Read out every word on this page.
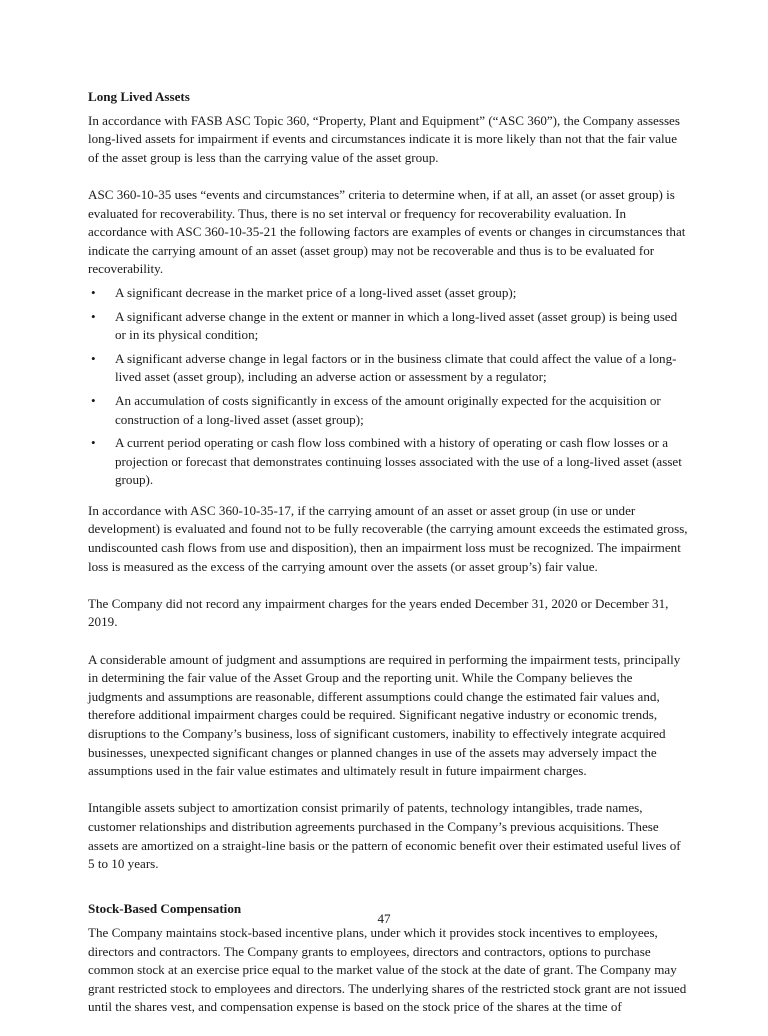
Long Lived Assets

In accordance with FASB ASC Topic 360, “Property, Plant and Equipment” (“ASC 360”), the Company assesses long-lived assets for impairment if events and circumstances indicate it is more likely than not that the fair value of the asset group is less than the carrying value of the asset group.

ASC 360-10-35 uses “events and circumstances” criteria to determine when, if at all, an asset (or asset group) is evaluated for recoverability. Thus, there is no set interval or frequency for recoverability evaluation. In accordance with ASC 360-10-35-21 the following factors are examples of events or changes in circumstances that indicate the carrying amount of an asset (asset group) may not be recoverable and thus is to be evaluated for recoverability.

• A significant decrease in the market price of a long-lived asset (asset group);
• A significant adverse change in the extent or manner in which a long-lived asset (asset group) is being used or in its physical condition;
• A significant adverse change in legal factors or in the business climate that could affect the value of a long-lived asset (asset group), including an adverse action or assessment by a regulator;
• An accumulation of costs significantly in excess of the amount originally expected for the acquisition or construction of a long-lived asset (asset group);
• A current period operating or cash flow loss combined with a history of operating or cash flow losses or a projection or forecast that demonstrates continuing losses associated with the use of a long-lived asset (asset group).

In accordance with ASC 360-10-35-17, if the carrying amount of an asset or asset group (in use or under development) is evaluated and found not to be fully recoverable (the carrying amount exceeds the estimated gross, undiscounted cash flows from use and disposition), then an impairment loss must be recognized. The impairment loss is measured as the excess of the carrying amount over the assets (or asset group’s) fair value.

The Company did not record any impairment charges for the years ended December 31, 2020 or December 31, 2019.

A considerable amount of judgment and assumptions are required in performing the impairment tests, principally in determining the fair value of the Asset Group and the reporting unit. While the Company believes the judgments and assumptions are reasonable, different assumptions could change the estimated fair values and, therefore additional impairment charges could be required. Significant negative industry or economic trends, disruptions to the Company’s business, loss of significant customers, inability to effectively integrate acquired businesses, unexpected significant changes or planned changes in use of the assets may adversely impact the assumptions used in the fair value estimates and ultimately result in future impairment charges.

Intangible assets subject to amortization consist primarily of patents, technology intangibles, trade names, customer relationships and distribution agreements purchased in the Company’s previous acquisitions. These assets are amortized on a straight-line basis or the pattern of economic benefit over their estimated useful lives of 5 to 10 years.

Stock-Based Compensation

The Company maintains stock-based incentive plans, under which it provides stock incentives to employees, directors and contractors. The Company grants to employees, directors and contractors, options to purchase common stock at an exercise price equal to the market value of the stock at the date of grant. The Company may grant restricted stock to employees and directors. The underlying shares of the restricted stock grant are not issued until the shares vest, and compensation expense is based on the stock price of the shares at the time of

47
